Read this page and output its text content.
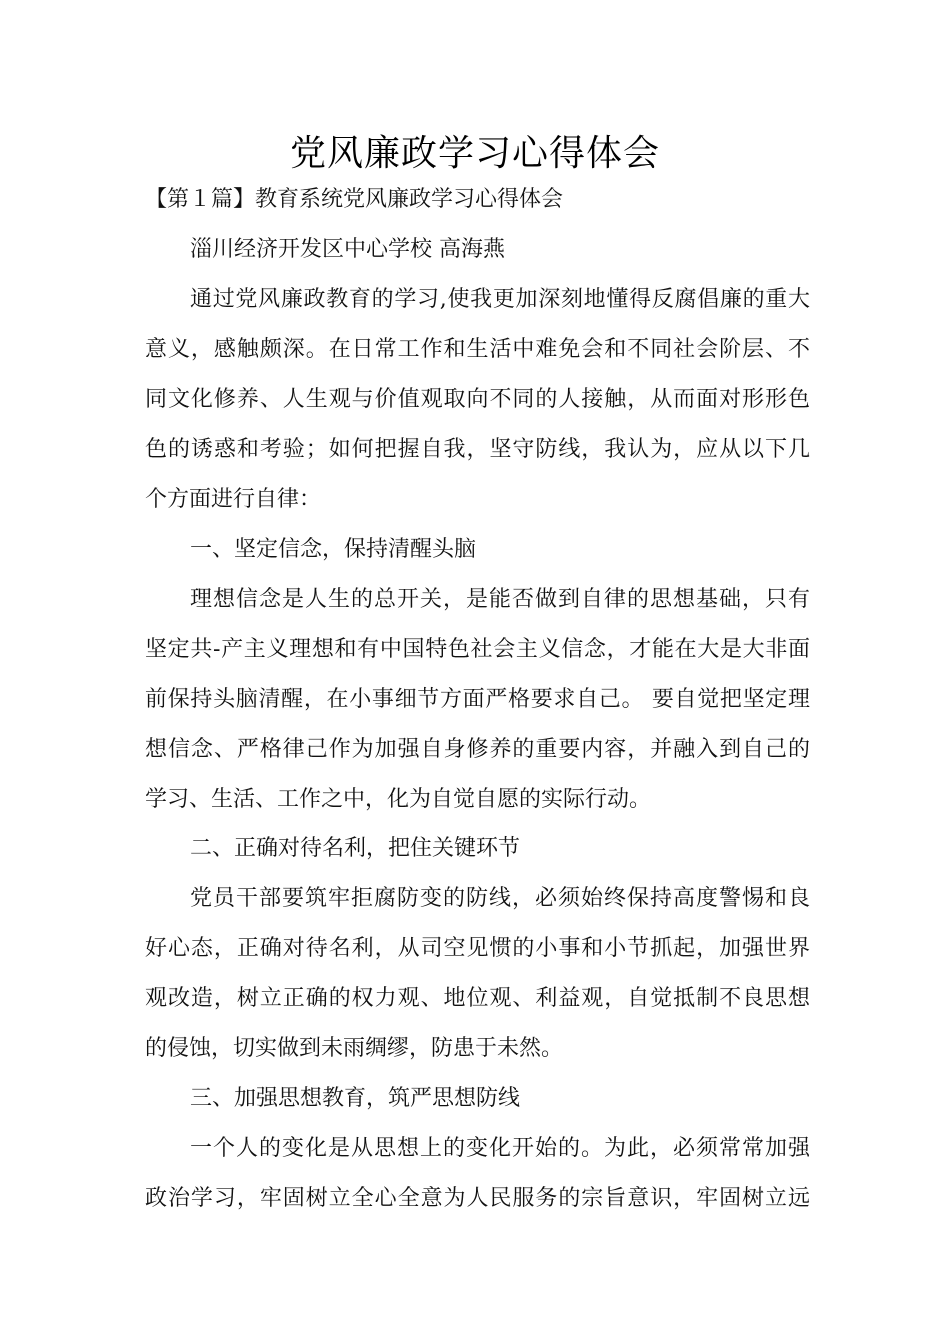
党风廉政学习心得体会
【第１篇】教育系统党风廉政学习心得体会
淄川经济开发区中心学校 高海燕
通过党风廉政教育的学习,使我更加深刻地懂得反腐倡廉的重大
意义，感触颇深。在日常工作和生活中难免会和不同社会阶层、不
同文化修养、人生观与价值观取向不同的人接触，从而面对形形色
色的诱惑和考验；如何把握自我，坚守防线，我认为，应从以下几
个方面进行自律：
一、坚定信念，保持清醒头脑
理想信念是人生的总开关，是能否做到自律的思想基础，只有
坚定共-产主义理想和有中国特色社会主义信念，才能在大是大非面
前保持头脑清醒，在小事细节方面严格要求自己。 要自觉把坚定理
想信念、严格律己作为加强自身修养的重要内容，并融入到自己的
学习、生活、工作之中，化为自觉自愿的实际行动。
二、正确对待名利，把住关键环节
党员干部要筑牢拒腐防变的防线，必须始终保持高度警惕和良
好心态，正确对待名利，从司空见惯的小事和小节抓起，加强世界
观改造，树立正确的权力观、地位观、利益观，自觉抵制不良思想
的侵蚀，切实做到未雨绸缪，防患于未然。
三、加强思想教育，筑严思想防线
一个人的变化是从思想上的变化开始的。为此，必须常常加强
政治学习，牢固树立全心全意为人民服务的宗旨意识，牢固树立远
